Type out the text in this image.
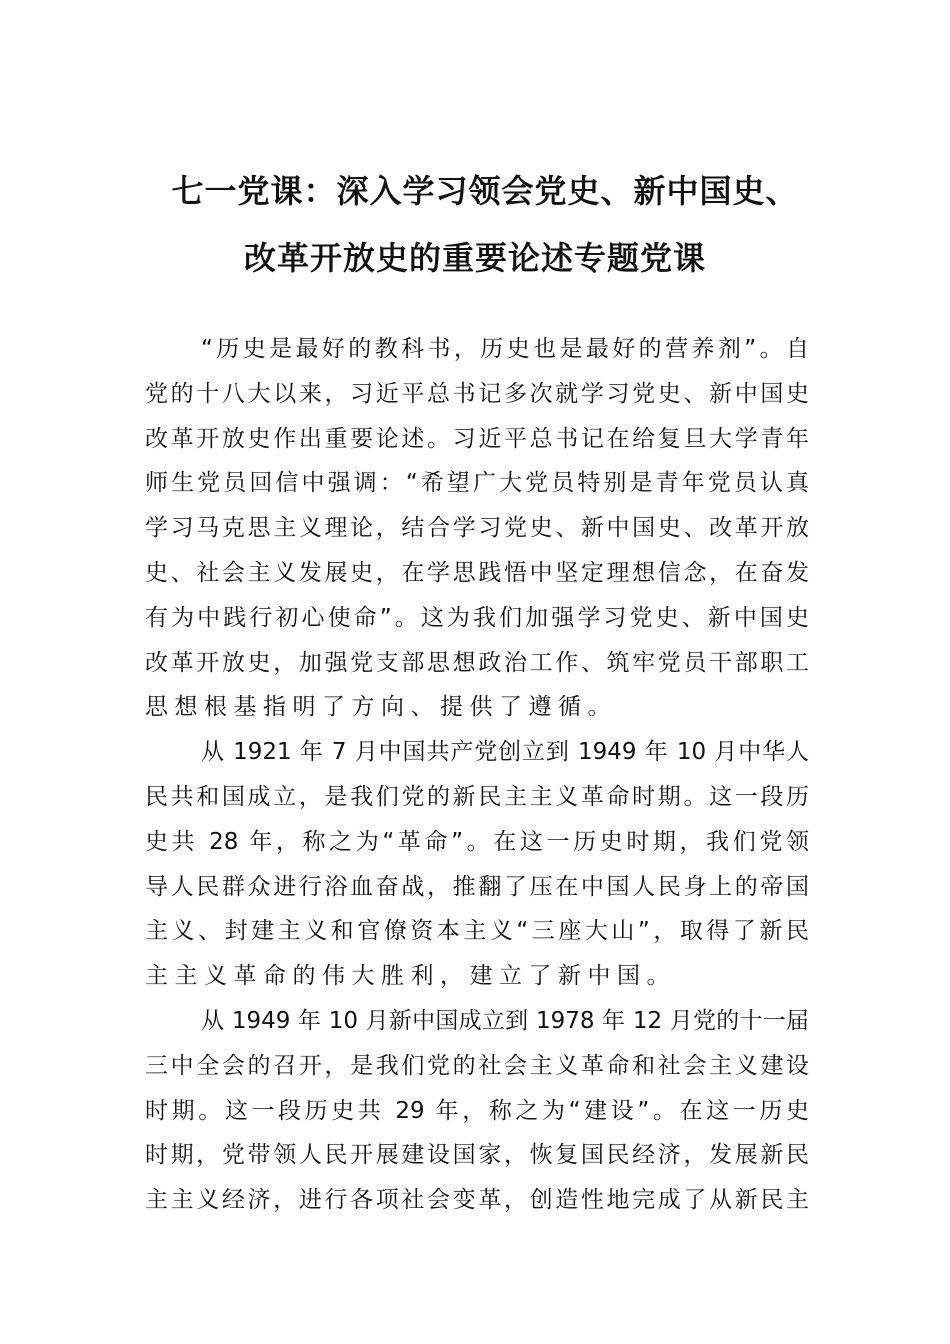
七一党课：深入学习领会党史、新中国史、
改革开放史的重要论述专题党课
“历史是最好的教科书，历史也是最好的营养剂”。自
党的十八大以来，习近平总书记多次就学习党史、新中国史
改革开放史作出重要论述。习近平总书记在给复旦大学青年
师生党员回信中强调：“希望广大党员特别是青年党员认真
学习马克思主义理论，结合学习党史、新中国史、改革开放
史、社会主义发展史，在学思践悟中坚定理想信念，在奋发
有为中践行初心使命”。这为我们加强学习党史、新中国史
改革开放史，加强党支部思想政治工作、筑牢党员干部职工
思想根基指明了方向、提供了遵循。
从 1921 年 7 月中国共产党创立到 1949 年 10 月中华人
民共和国成立，是我们党的新民主主义革命时期。这一段历
史共 28 年，称之为“革命”。在这一历史时期，我们党领
导人民群众进行浴血奋战，推翻了压在中国人民身上的帝国
主义、封建主义和官僚资本主义“三座大山”，取得了新民
主主义革命的伟大胜利，建立了新中国。
从 1949 年 10 月新中国成立到 1978 年 12 月党的十一届
三中全会的召开，是我们党的社会主义革命和社会主义建设
时期。这一段历史共 29 年，称之为“建设”。在这一历史
时期，党带领人民开展建设国家，恢复国民经济，发展新民
主主义经济，进行各项社会变革，创造性地完成了从新民主
